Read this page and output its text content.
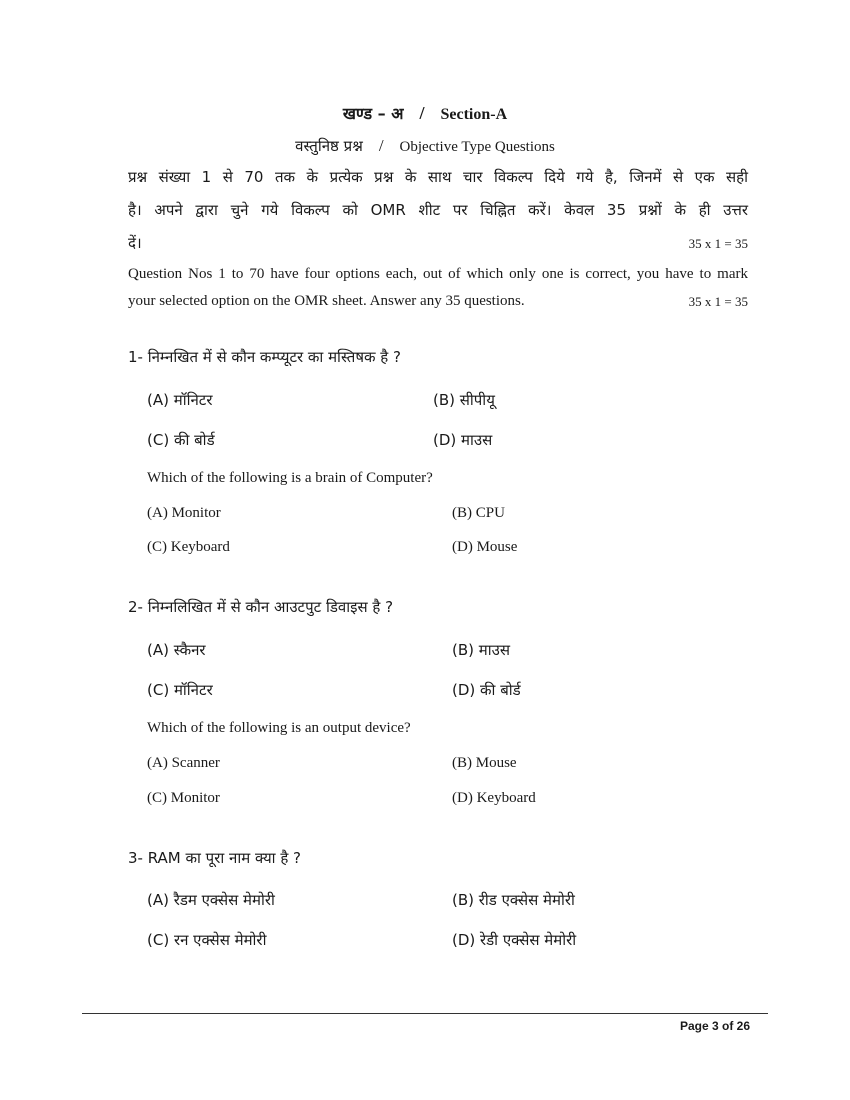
खण्ड – अ / Section-A
वस्तुनिष्ठ प्रश्न / Objective Type Questions
प्रश्न संख्या 1 से 70 तक के प्रत्येक प्रश्न के साथ चार विकल्प दिये गये है, जिनमें से एक सही
है। अपने द्वारा चुने गये विकल्प को OMR शीट पर चिह्नित करें। केवल 35 प्रश्नों के ही उत्तर
दें।	35 x 1 = 35
Question Nos 1 to 70 have four options each, out of which only one is correct, you have to mark
your selected option on the OMR sheet. Answer any 35 questions.	35 x 1 = 35
1- निम्नखित में से कौन कम्प्यूटर का मस्तिषक है ?
(A) मॉनिटर	(B) सीपीयू
(C) की बोर्ड	(D) माउस
Which of the following is a brain of Computer?
(A) Monitor	(B) CPU
(C) Keyboard	(D) Mouse
2- निम्नलिखित में से कौन आउटपुट डिवाइस है ?
(A) स्कैनर	(B) माउस
(C) मॉनिटर	(D) की बोर्ड
Which of the following is an output device?
(A) Scanner	(B) Mouse
(C) Monitor	(D) Keyboard
3- RAM का पूरा नाम क्या है ?
(A) रैडम एक्सेस मेमोरी	(B) रीड एक्सेस मेमोरी
(C) रन एक्सेस मेमोरी	(D) रेडी एक्सेस मेमोरी
Page 3 of 26
